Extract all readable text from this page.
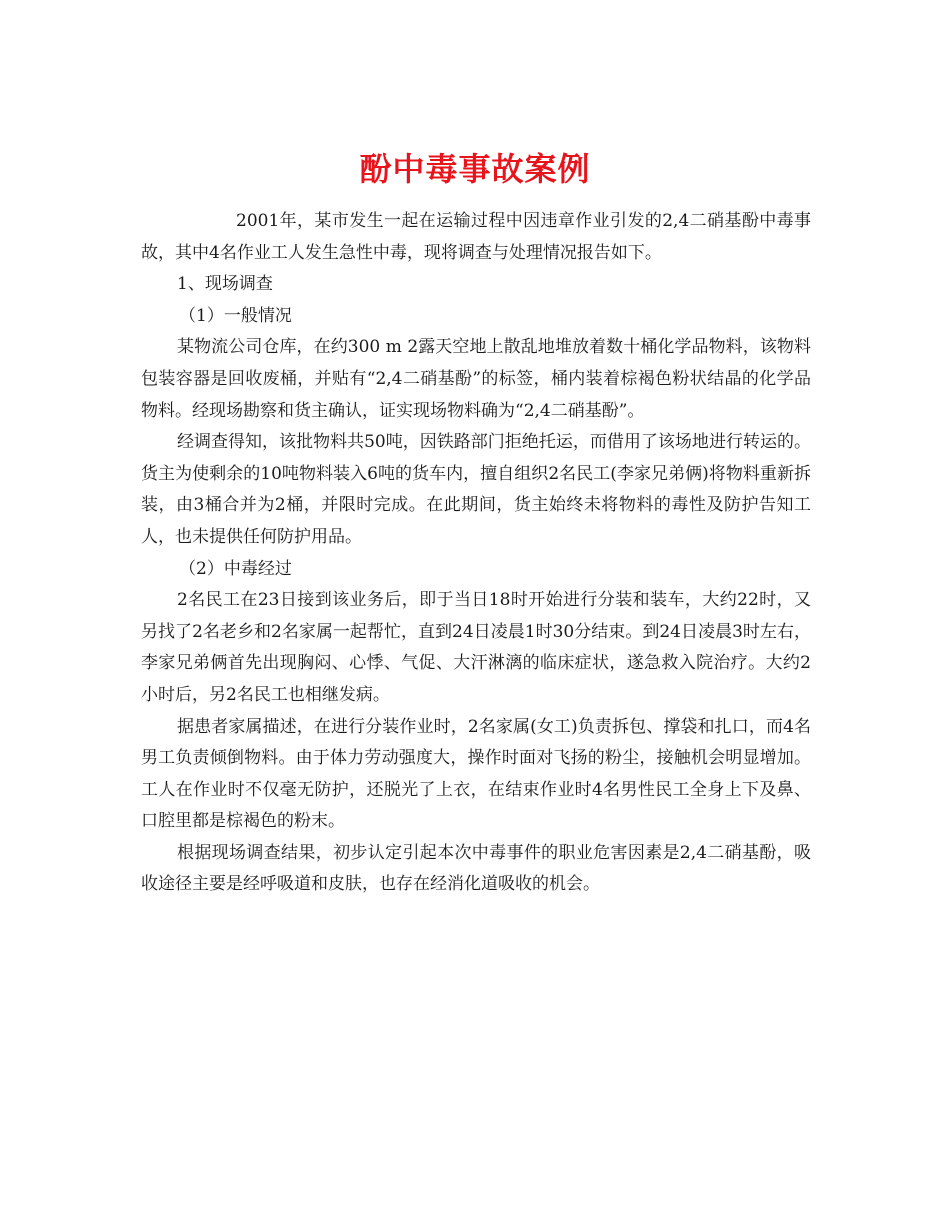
酚中毒事故案例

2001年，某市发生一起在运输过程中因违章作业引发的2,4二硝基酚中毒事故，其中4名作业工人发生急性中毒，现将调查与处理情况报告如下。

1、现场调查

（1）一般情况

某物流公司仓库，在约300 m 2露天空地上散乱地堆放着数十桶化学品物料，该物料包装容器是回收废桶，并贴有“2,4二硝基酚”的标签，桶内装着棕褐色粉状结晶的化学品物料。经现场勘察和货主确认，证实现场物料确为“2,4二硝基酚”。

经调查得知，该批物料共50吨，因铁路部门拒绝托运，而借用了该场地进行转运的。货主为使剩余的10吨物料装入6吨的货车内，擅自组织2名民工(李家兄弟俩)将物料重新拆装，由3桶合并为2桶，并限时完成。在此期间，货主始终未将物料的毒性及防护告知工人，也未提供任何防护用品。

（2）中毒经过

2名民工在23日接到该业务后，即于当日18时开始进行分装和装车，大约22时，又另找了2名老乡和2名家属一起帮忙，直到24日凌晨1时30分结束。到24日凌晨3时左右，李家兄弟俩首先出现胸闷、心悸、气促、大汗淋漓的临床症状，遂急救入院治疗。大约2小时后，另2名民工也相继发病。

据患者家属描述，在进行分装作业时，2名家属(女工)负责拆包、撑袋和扎口，而4名男工负责倾倒物料。由于体力劳动强度大，操作时面对飞扬的粉尘，接触机会明显增加。工人在作业时不仅毫无防护，还脱光了上衣，在结束作业时4名男性民工全身上下及鼻、口腔里都是棕褐色的粉末。

根据现场调查结果，初步认定引起本次中毒事件的职业危害因素是2,4二硝基酚，吸收途径主要是经呼吸道和皮肤，也存在经消化道吸收的机会。
